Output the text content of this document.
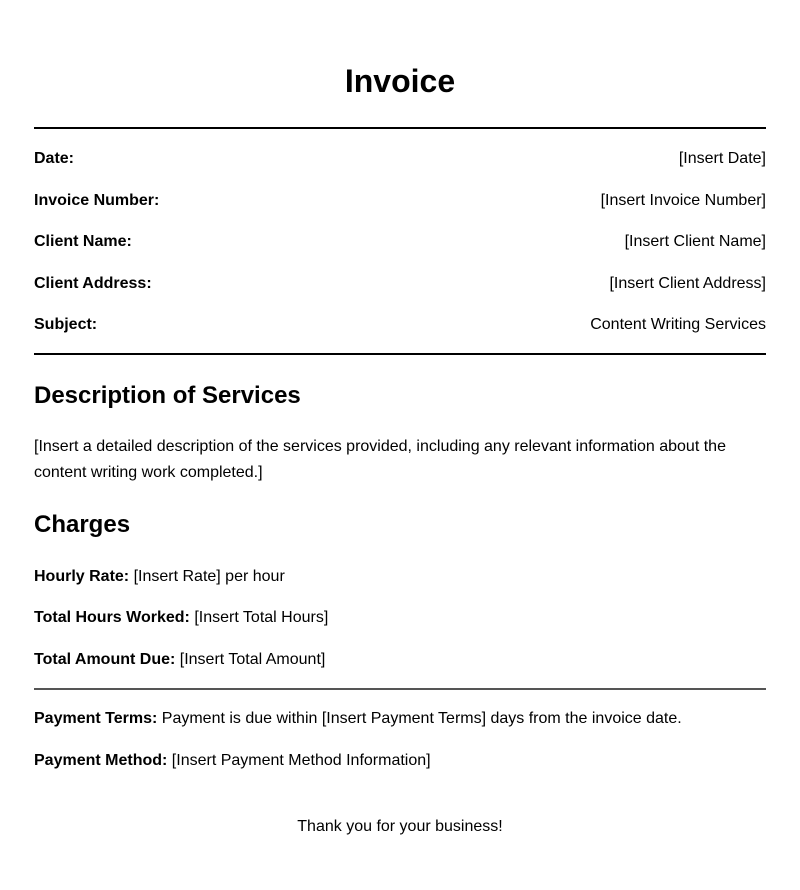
Invoice
Date:	[Insert Date]
Invoice Number:	[Insert Invoice Number]
Client Name:	[Insert Client Name]
Client Address:	[Insert Client Address]
Subject:	Content Writing Services
Description of Services

[Insert a detailed description of the services provided, including any relevant information about the content writing work completed.]

Charges
Hourly Rate: [Insert Rate] per hour
Total Hours Worked: [Insert Total Hours]
Total Amount Due: [Insert Total Amount]
Payment Terms: Payment is due within [Insert Payment Terms] days from the invoice date.
Payment Method: [Insert Payment Method Information]
Thank you for your business!
